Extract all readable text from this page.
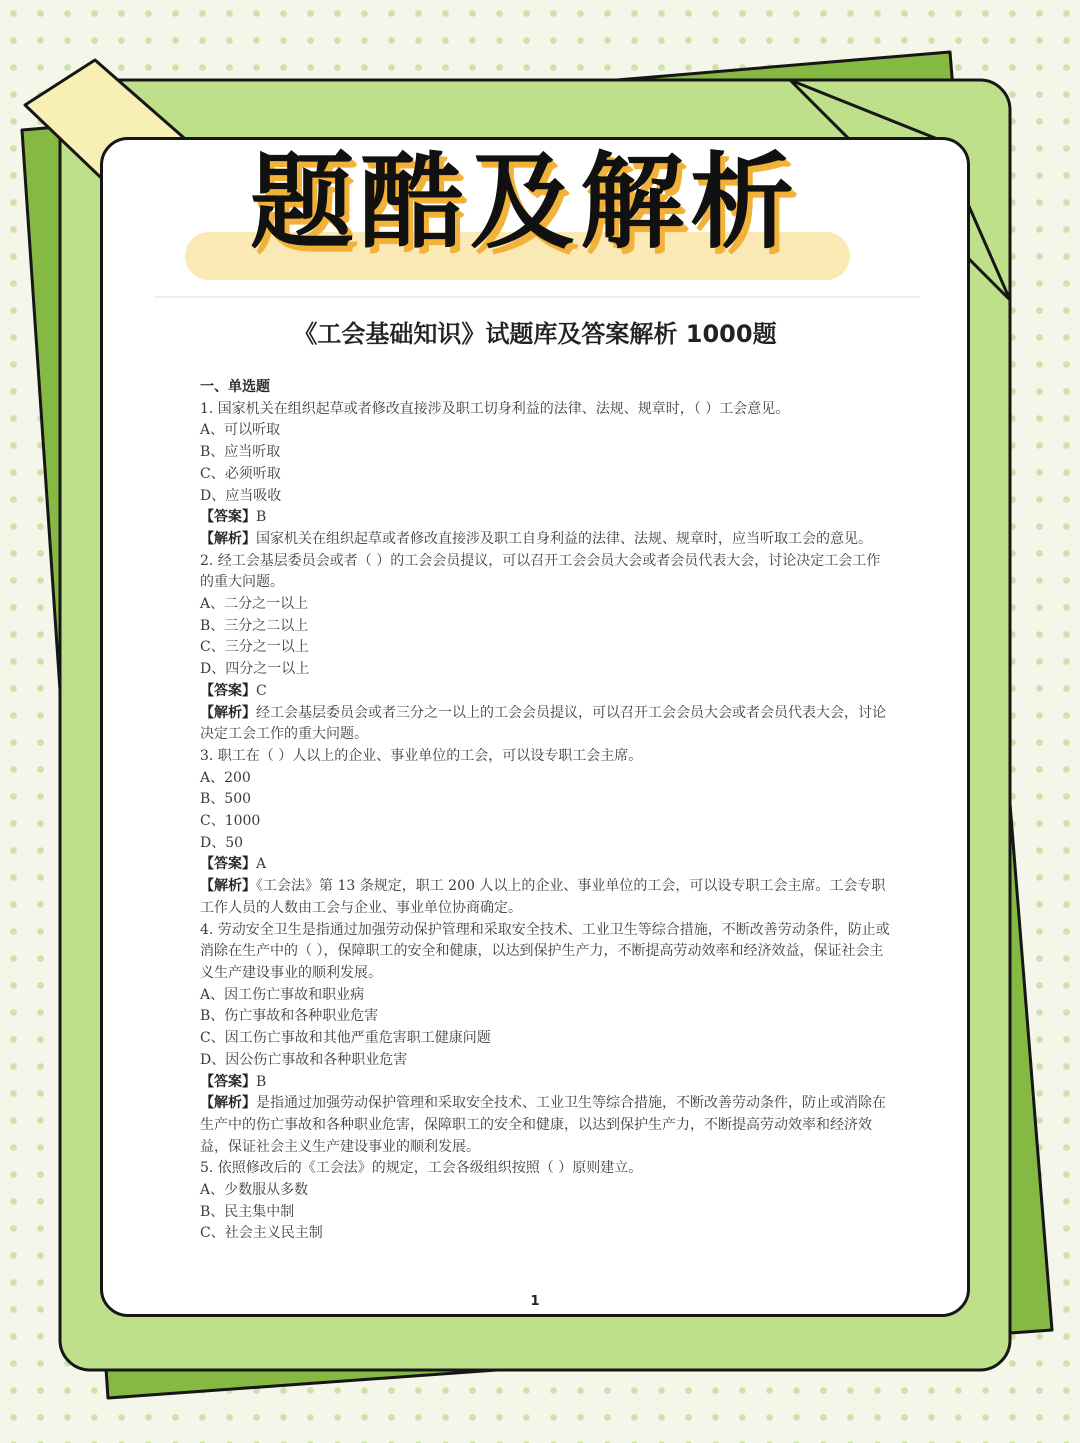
题酷及解析
《工会基础知识》试题库及答案解析 1000题
一、单选题
1. 国家机关在组织起草或者修改直接涉及职工切身利益的法律、法规、规章时，（ ）工会意见。
A、可以听取
B、应当听取
C、必须听取
D、应当吸收
【答案】B
【解析】国家机关在组织起草或者修改直接涉及职工自身利益的法律、法规、规章时，应当听取工会的意见。
2. 经工会基层委员会或者（ ）的工会会员提议，可以召开工会会员大会或者会员代表大会，讨论决定工会工作的重大问题。
A、二分之一以上
B、三分之二以上
C、三分之一以上
D、四分之一以上
【答案】C
【解析】经工会基层委员会或者三分之一以上的工会会员提议，可以召开工会会员大会或者会员代表大会，讨论决定工会工作的重大问题。
3. 职工在（ ）人以上的企业、事业单位的工会，可以设专职工会主席。
A、200
B、500
C、1000
D、50
【答案】A
【解析】《工会法》第 13 条规定，职工 200 人以上的企业、事业单位的工会，可以设专职工会主席。工会专职工作人员的人数由工会与企业、事业单位协商确定。
4. 劳动安全卫生是指通过加强劳动保护管理和采取安全技术、工业卫生等综合措施，不断改善劳动条件，防止或消除在生产中的（ ），保障职工的安全和健康，以达到保护生产力，不断提高劳动效率和经济效益，保证社会主义生产建设事业的顺利发展。
A、因工伤亡事故和职业病
B、伤亡事故和各种职业危害
C、因工伤亡事故和其他严重危害职工健康问题
D、因公伤亡事故和各种职业危害
【答案】B
【解析】是指通过加强劳动保护管理和采取安全技术、工业卫生等综合措施，不断改善劳动条件，防止或消除在生产中的伤亡事故和各种职业危害，保障职工的安全和健康，以达到保护生产力，不断提高劳动效率和经济效益，保证社会主义生产建设事业的顺利发展。
5. 依照修改后的《工会法》的规定，工会各级组织按照（ ）原则建立。
A、少数服从多数
B、民主集中制
C、社会主义民主制
1
